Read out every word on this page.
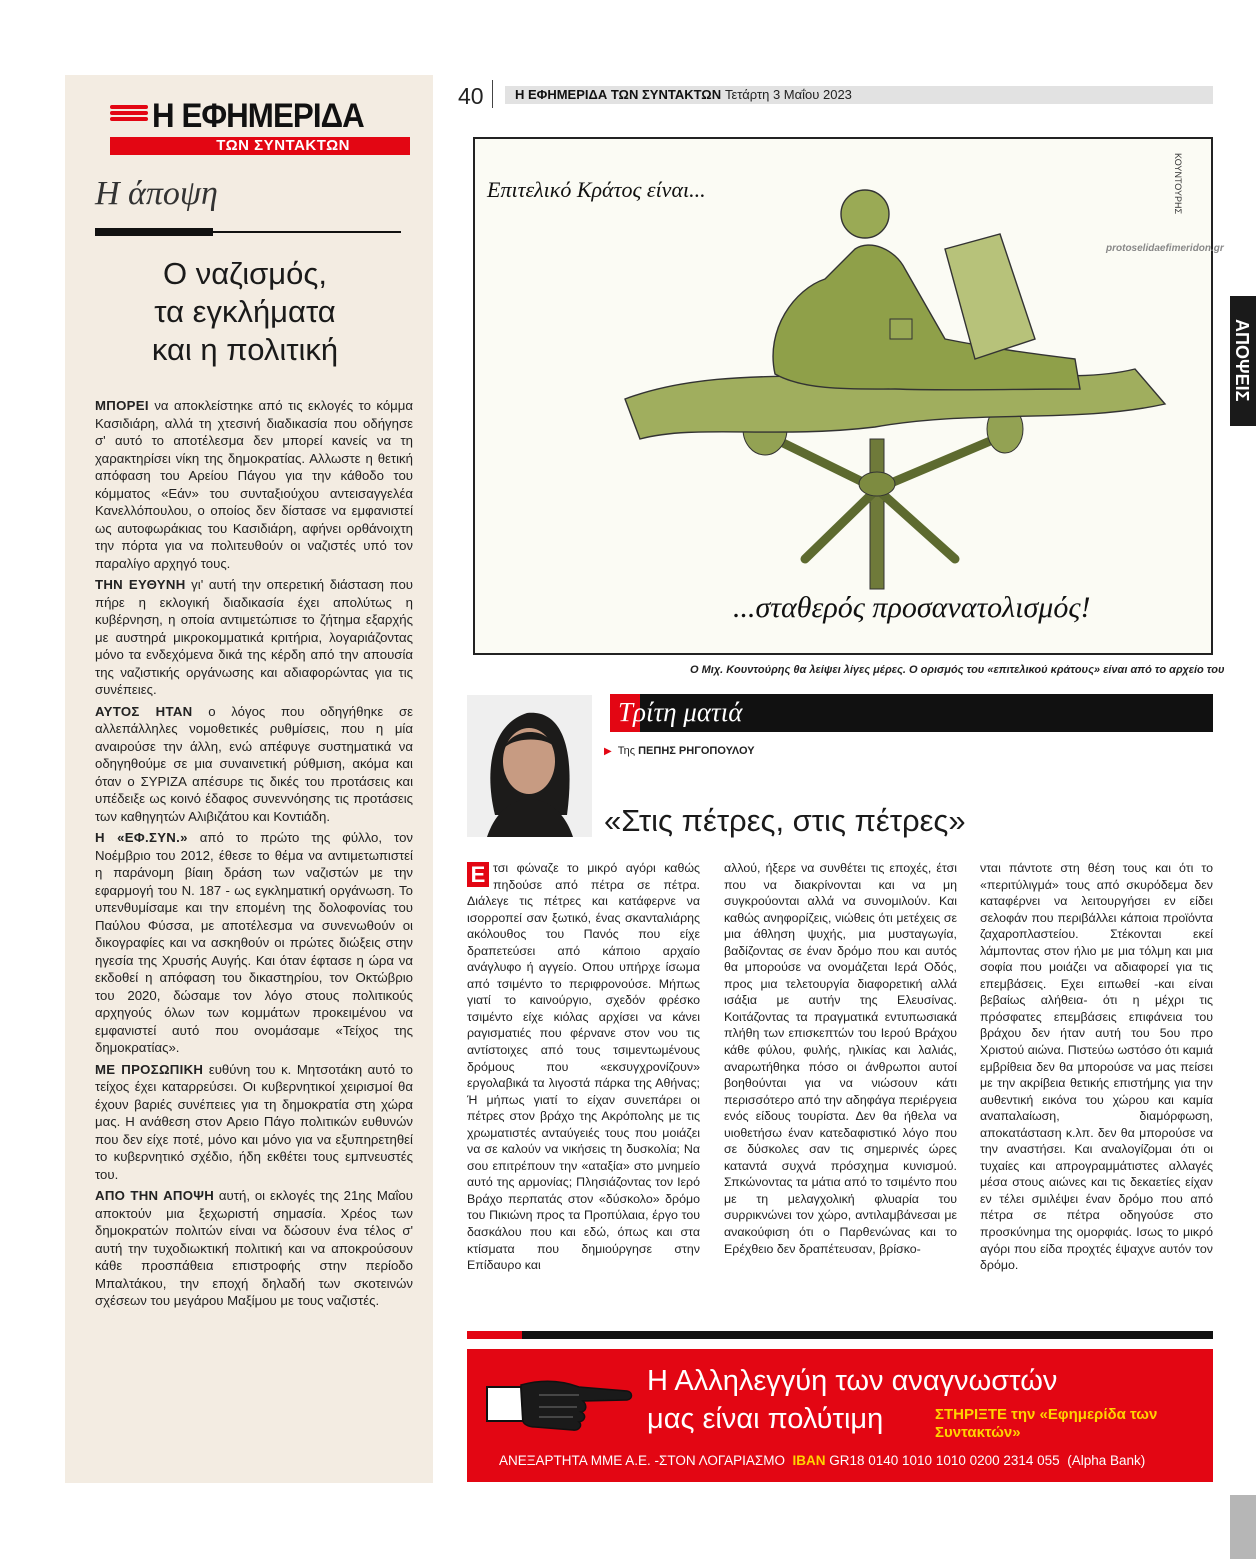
Η ΕΦΗΜΕΡΙΔΑ
ΤΩΝ ΣΥΝΤΑΚΤΩΝ
Η άποψη
Ο ναζισμός,
τα εγκλήματα
και η πολιτική

ΜΠΟΡΕΙ να αποκλείστηκε από τις εκλογές το κόμμα Κασιδιάρη, αλλά τη χτεσινή διαδικασία που οδήγησε σ' αυτό το αποτέλεσμα δεν μπορεί κανείς να τη χαρακτηρίσει νίκη της δημοκρατίας. Αλλωστε η θετική απόφαση του Αρείου Πάγου για την κάθοδο του κόμματος «Εάν» του συνταξιούχου αντεισαγγελέα Κανελλόπουλου, ο οποίος δεν δίστασε να εμφανιστεί ως αυτοφωράκιας του Κασιδιάρη, αφήνει ορθάνοιχτη την πόρτα για να πολιτευθούν οι ναζιστές υπό τον παραλίγο αρχηγό τους.

ΤΗΝ ΕΥΘΥΝΗ γι' αυτή την οπερετική διάσταση που πήρε η εκλογική διαδικασία έχει απολύτως η κυβέρνηση, η οποία αντιμετώπισε το ζήτημα εξαρχής με αυστηρά μικροκομματικά κριτήρια, λογαριάζοντας μόνο τα ενδεχόμενα δικά της κέρδη από την απουσία της ναζιστικής οργάνωσης και αδιαφορώντας για τις συνέπειες.

ΑΥΤΟΣ ΗΤΑΝ ο λόγος που οδηγήθηκε σε αλλεπάλληλες νομοθετικές ρυθμίσεις, που η μία αναιρούσε την άλλη, ενώ απέφυγε συστηματικά να οδηγηθούμε σε μια συναινετική ρύθμιση, ακόμα και όταν ο ΣΥΡΙΖΑ απέσυρε τις δικές του προτάσεις και υπέδειξε ως κοινό έδαφος συνεννόησης τις προτάσεις των καθηγητών Αλιβιζάτου και Κοντιάδη.

Η «ΕΦ.ΣΥΝ.» από το πρώτο της φύλλο, τον Νοέμβριο του 2012, έθεσε το θέμα να αντιμετωπιστεί η παράνομη βίαιη δράση των ναζιστών με την εφαρμογή του Ν. 187 - ως εγκληματική οργάνωση. Το υπενθυμίσαμε και την επομένη της δολοφονίας του Παύλου Φύσσα, με αποτέλεσμα να συνενωθούν οι δικογραφίες και να ασκηθούν οι πρώτες διώξεις στην ηγεσία της Χρυσής Αυγής. Και όταν έφτασε η ώρα να εκδοθεί η απόφαση του δικαστηρίου, τον Οκτώβριο του 2020, δώσαμε τον λόγο στους πολιτικούς αρχηγούς όλων των κομμάτων προκειμένου να εμφανιστεί αυτό που ονομάσαμε «Τείχος της δημοκρατίας».

ΜΕ ΠΡΟΣΩΠΙΚΗ ευθύνη του κ. Μητσοτάκη αυτό το τείχος έχει καταρρεύσει. Οι κυβερνητικοί χειρισμοί θα έχουν βαριές συνέπειες για τη δημοκρατία στη χώρα μας. Η ανάθεση στον Αρειο Πάγο πολιτικών ευθυνών που δεν είχε ποτέ, μόνο και μόνο για να εξυπηρετηθεί το κυβερνητικό σχέδιο, ήδη εκθέτει τους εμπνευστές του.

ΑΠΟ ΤΗΝ ΑΠΟΨΗ αυτή, οι εκλογές της 21ης Μαΐου αποκτούν μια ξεχωριστή σημασία. Χρέος των δημοκρατών πολιτών είναι να δώσουν ένα τέλος σ' αυτή την τυχοδιωκτική πολιτική και να αποκρούσουν κάθε προσπάθεια επιστροφής στην περίοδο Μπαλτάκου, την εποχή δηλαδή των σκοτεινών σχέσεων του μεγάρου Μαξίμου με τους ναζιστές.

40 Η ΕΦΗΜΕΡΙΔΑ ΤΩΝ ΣΥΝΤΑΚΤΩΝ Τετάρτη 3 Μαΐου 2023
Επιτελικό Κράτος είναι...
...σταθερός προσανατολισμός!
ΚΟΥΝΤΟΥΡΗΣ
protoselidaefimeridon.gr
Ο Μιχ. Κουντούρης θα λείψει λίγες μέρες. Ο ορισμός του «επιτελικού κράτους» είναι από το αρχείο του
ΑΠΟΨΕΙΣ
Τρίτη ματιά
▶ Της ΠΕΠΗΣ ΡΗΓΟΠΟΥΛΟΥ
«Στις πέτρες, στις πέτρες»
Ε τσι φώναζε το μικρό αγόρι καθώς πηδούσε από πέτρα σε πέτρα. Διάλεγε τις πέτρες και κατάφερνε να ισορροπεί σαν ξωτικό, ένας σκανταλιάρης ακόλουθος του Πανός που είχε δραπετεύσει από κάποιο αρχαίο ανάγλυφο ή αγγείο. Οπου υπήρχε ίσωμα από τσιμέντο το περιφρονούσε. Μήπως γιατί το καινούργιο, σχεδόν φρέσκο τσιμέντο είχε κιόλας αρχίσει να κάνει ραγισματιές που φέρνανε στον νου τις αντίστοιχες από τους τσιμεντωμένους δρόμους που «εκσυγχρονίζουν» εργολαβικά τα λιγοστά πάρκα της Αθήνας; Ή μήπως γιατί το είχαν συνεπάρει οι πέτρες στον βράχο της Ακρόπολης με τις χρωματιστές ανταύγειές τους που μοιάζει να σε καλούν να νικήσεις τη δυσκολία; Να σου επιτρέπουν την «αταξία» στο μνημείο αυτό της αρμονίας; Πλησιάζοντας τον Ιερό Βράχο περπατάς στον «δύσκολο» δρόμο του Πικιώνη προς τα Προπύλαια, έργο του δασκάλου που και εδώ, όπως και στα κτίσματα που δημιούργησε στην Επίδαυρο και
αλλού, ήξερε να συνθέτει τις εποχές, έτσι που να διακρίνονται και να μη συγκρούονται αλλά να συνομιλούν. Και καθώς ανηφορίζεις, νιώθεις ότι μετέχεις σε μια άθληση ψυχής, μια μυσταγωγία, βαδίζοντας σε έναν δρόμο που και αυτός θα μπορούσε να ονομάζεται Ιερά Οδός, προς μια τελετουργία διαφορετική αλλά ισάξια με αυτήν της Ελευσίνας. Κοιτάζοντας τα πραγματικά εντυπωσιακά πλήθη των επισκεπτών του Ιερού Βράχου κάθε φύλου, φυλής, ηλικίας και λαλιάς, αναρωτήθηκα πόσο οι άνθρωποι αυτοί βοηθούνται για να νιώσουν κάτι περισσότερο από την αδηφάγα περιέργεια ενός είδους τουρίστα. Δεν θα ήθελα να υιοθετήσω έναν κατεδαφιστικό λόγο που σε δύσκολες σαν τις σημερινές ώρες καταντά συχνά πρόσχημα κυνισμού. Σπκώνοντας τα μάτια από το τσιμέντο που με τη μελαγχολική φλυαρία του συρρικνώνει τον χώρο, αντιλαμβάνεσαι με ανακούφιση ότι ο Παρθενώνας και το Ερέχθειο δεν δραπέτευσαν, βρίσκο-
νται πάντοτε στη θέση τους και ότι το «περιτύλιγμά» τους από σκυρόδεμα δεν καταφέρνει να λειτουργήσει εν είδει σελοφάν που περιβάλλει κάποια προϊόντα ζαχαροπλαστείου. Στέκονται εκεί λάμποντας στον ήλιο με μια τόλμη και μια σοφία που μοιάζει να αδιαφορεί για τις επεμβάσεις. Εχει ειπωθεί -και είναι βεβαίως αλήθεια- ότι η μέχρι τις πρόσφατες επεμβάσεις επιφάνεια του βράχου δεν ήταν αυτή του 5ου προ Χριστού αιώνα. Πιστεύω ωστόσο ότι καμιά εμβρίθεια δεν θα μπορούσε να μας πείσει με την ακρίβεια θετικής επιστήμης για την αυθεντική εικόνα του χώρου και καμία αναπαλαίωση, διαμόρφωση, αποκατάσταση κ.λπ. δεν θα μπορούσε να την αναστήσει. Και αναλογίζομαι ότι οι τυχαίες και απρογραμμάτιστες αλλαγές μέσα στους αιώνες και τις δεκαετίες είχαν εν τέλει σμιλέψει έναν δρόμο που από πέτρα σε πέτρα οδηγούσε στο προσκύνημα της ομορφιάς. Ισως το μικρό αγόρι που είδα προχτές έψαχνε αυτόν τον δρόμο.
Η Αλληλεγγύη των αναγνωστών
μας είναι πολύτιμη	ΣΤΗΡΙΞΤΕ την «Εφημερίδα των Συντακτών»
ΑΝΕΞΑΡΤΗΤΑ ΜΜΕ Α.Ε. -ΣΤΟΝ ΛΟΓΑΡΙΑΣΜΟ IBAN GR18 0140 1010 1010 0200 2314 055 (Alpha Bank)
